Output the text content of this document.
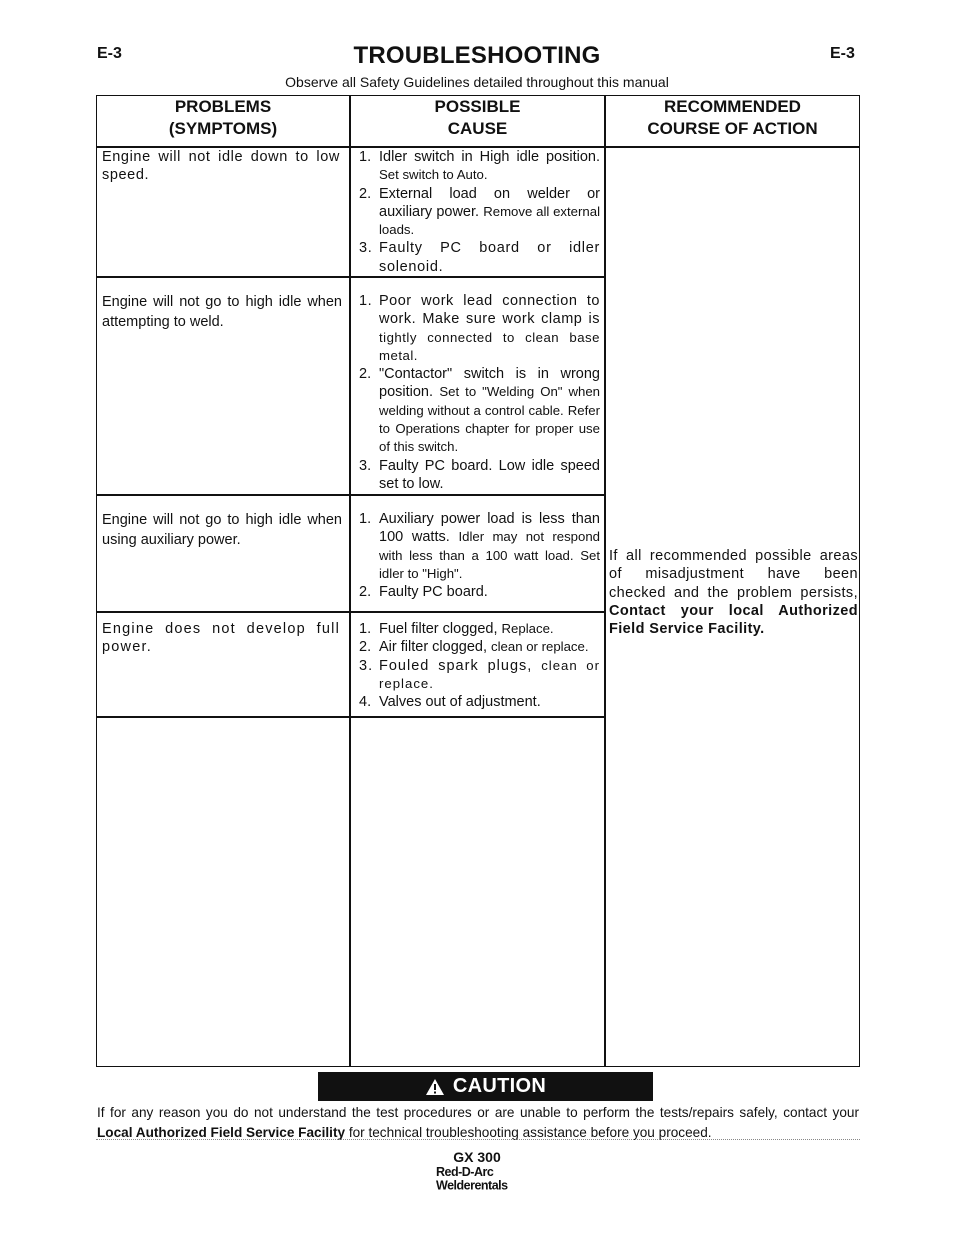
E-3	TROUBLESHOOTING	E-3
Observe all Safety Guidelines detailed throughout this manual
PROBLEMS
(SYMPTOMS)
POSSIBLE
CAUSE
RECOMMENDED
COURSE OF ACTION
Engine will not idle down to low speed.
1. Idler switch in High idle position. Set switch to Auto.
2. External load on welder or auxiliary power. Remove all external loads.
3. Faulty PC board or idler solenoid.
Engine will not go to high idle when attempting to weld.
1. Poor work lead connection to work. Make sure work clamp is tightly connected to clean base metal.
2. "Contactor" switch is in wrong position. Set to "Welding On" when welding without a control cable. Refer to Operations chapter for proper use of this switch.
3. Faulty PC board. Low idle speed set to low.
Engine will not go to high idle when using auxiliary power.
1. Auxiliary power load is less than 100 watts. Idler may not respond with less than a 100 watt load. Set idler to "High".
2. Faulty PC board.
Engine does not develop full power.
1. Fuel filter clogged, Replace.
2. Air filter clogged, clean or replace.
3. Fouled spark plugs, clean or replace.
4. Valves out of adjustment.
If all recommended possible areas of misadjustment have been checked and the problem persists, Contact your local Authorized Field Service Facility.
CAUTION
If for any reason you do not understand the test procedures or are unable to perform the tests/repairs safely, contact your Local Authorized Field Service Facility for technical troubleshooting assistance before you proceed.
GX 300
Red-D-Arc
Welderentals
